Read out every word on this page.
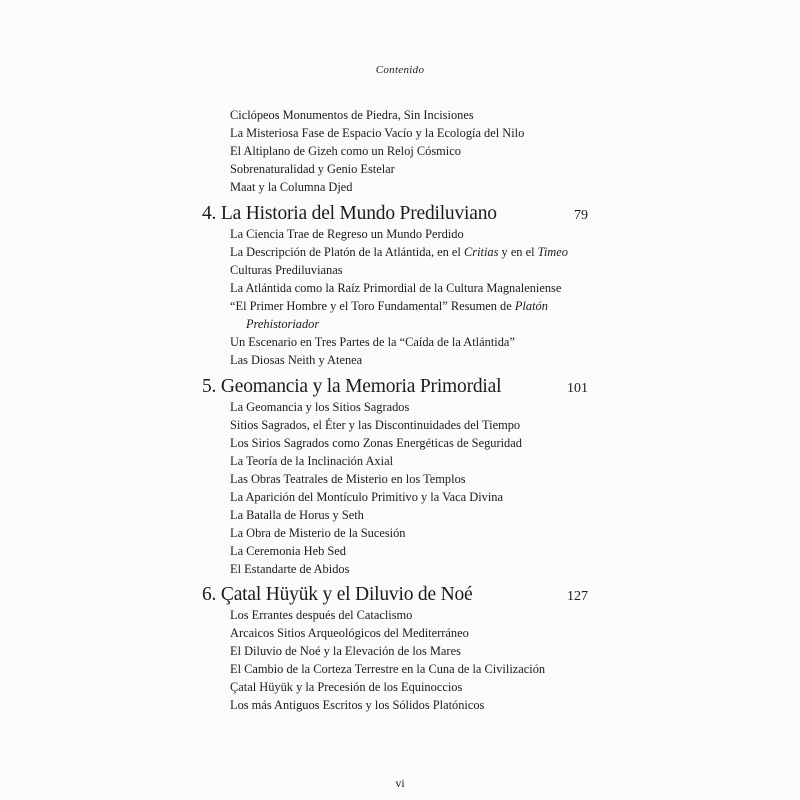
Contenido
Ciclópeos Monumentos de Piedra, Sin Incisiones
La Misteriosa Fase de Espacio Vacío y la Ecología del Nilo
El Altiplano de Gizeh como un Reloj Cósmico
Sobrenaturalidad y Genio Estelar
Maat y la Columna Djed
4. La Historia del Mundo Prediluviano	79
La Ciencia Trae de Regreso un Mundo Perdido
La Descripción de Platón de la Atlántida, en el Critias y en el Timeo
Culturas Prediluvianas
La Atlántida como la Raíz Primordial de la Cultura Magnaleniense
“El Primer Hombre y el Toro Fundamental” Resumen de Platón
Prehistoriador
Un Escenario en Tres Partes de la “Caída de la Atlántida”
Las Diosas Neith y Atenea
5. Geomancia y la Memoria Primordial	101
La Geomancia y los Sitios Sagrados
Sitios Sagrados, el Éter y las Discontinuidades del Tiempo
Los Sirios Sagrados como Zonas Energéticas de Seguridad
La Teoría de la Inclinación Axial
Las Obras Teatrales de Misterio en los Templos
La Aparición del Montículo Primitivo y la Vaca Divina
La Batalla de Horus y Seth
La Obra de Misterio de la Sucesión
La Ceremonia Heb Sed
El Estandarte de Abidos
6. Çatal Hüyük y el Diluvio de Noé	127
Los Errantes después del Cataclismo
Arcaicos Sitios Arqueológicos del Mediterráneo
El Diluvio de Noé y la Elevación de los Mares
El Cambio de la Corteza Terrestre en la Cuna de la Civilización
Çatal Hüyük y la Precesión de los Equinoccios
Los más Antiguos Escritos y los Sólidos Platónicos
vi
